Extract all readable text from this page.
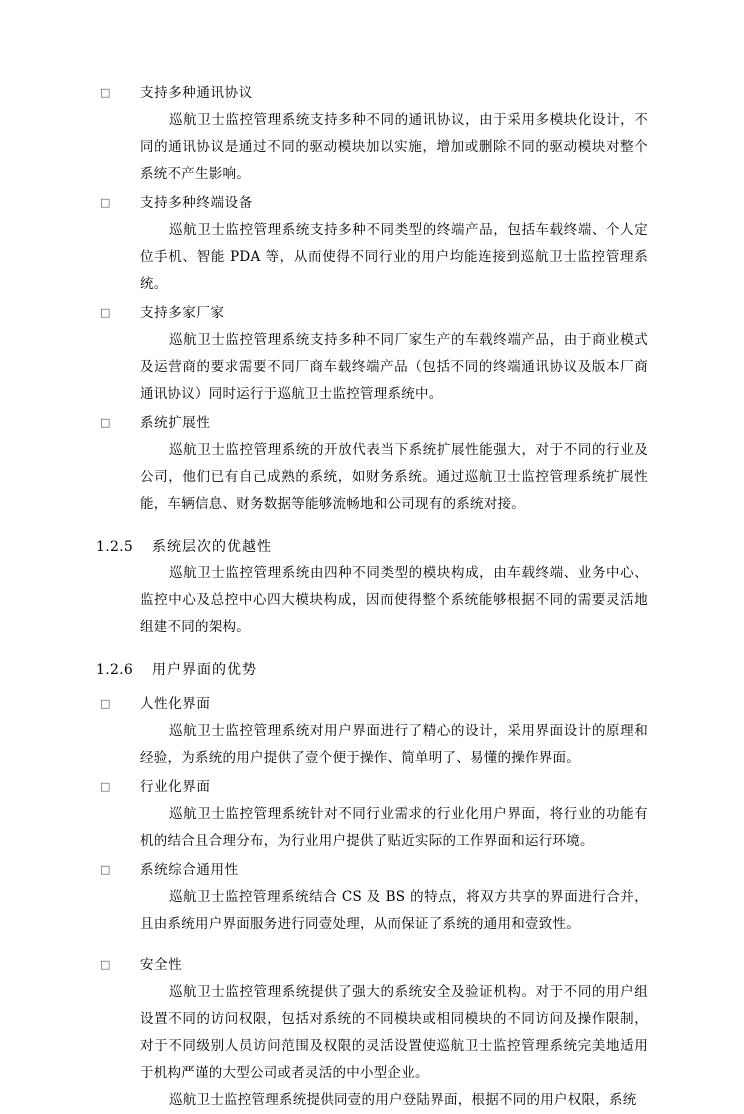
□	支持多种通讯协议

巡航卫士监控管理系统支持多种不同的通讯协议，由于采用多模块化设计，不同的通讯协议是通过不同的驱动模块加以实施，增加或删除不同的驱动模块对整个系统不产生影响。

□	支持多种终端设备

巡航卫士监控管理系统支持多种不同类型的终端产品，包括车载终端、个人定位手机、智能 PDA 等，从而使得不同行业的用户均能连接到巡航卫士监控管理系统。

□	支持多家厂家

巡航卫士监控管理系统支持多种不同厂家生产的车载终端产品，由于商业模式及运营商的要求需要不同厂商车载终端产品（包括不同的终端通讯协议及版本厂商通讯协议）同时运行于巡航卫士监控管理系统中。

□	系统扩展性

巡航卫士监控管理系统的开放代表当下系统扩展性能强大，对于不同的行业及公司，他们已有自己成熟的系统，如财务系统。通过巡航卫士监控管理系统扩展性能，车辆信息、财务数据等能够流畅地和公司现有的系统对接。

1.2.5	系统层次的优越性

巡航卫士监控管理系统由四种不同类型的模块构成，由车载终端、业务中心、监控中心及总控中心四大模块构成，因而使得整个系统能够根据不同的需要灵活地组建不同的架构。

1.2.6	用户界面的优势
□	人性化界面

巡航卫士监控管理系统对用户界面进行了精心的设计，采用界面设计的原理和经验，为系统的用户提供了壹个便于操作、简单明了、易懂的操作界面。

□	行业化界面

巡航卫士监控管理系统针对不同行业需求的行业化用户界面，将行业的功能有机的结合且合理分布，为行业用户提供了贴近实际的工作界面和运行环境。

□	系统综合通用性

巡航卫士监控管理系统结合 CS 及 BS 的特点，将双方共享的界面进行合并，且由系统用户界面服务进行同壹处理，从而保证了系统的通用和壹致性。

□	安全性

巡航卫士监控管理系统提供了强大的系统安全及验证机构。对于不同的用户组设置不同的访问权限，包括对系统的不同模块或相同模块的不同访问及操作限制，对于不同级别人员访问范围及权限的灵活设置使巡航卫士监控管理系统完美地适用于机构严谨的大型公司或者灵活的中小型企业。

巡航卫士监控管理系统提供同壹的用户登陆界面，根据不同的用户权限，系统
